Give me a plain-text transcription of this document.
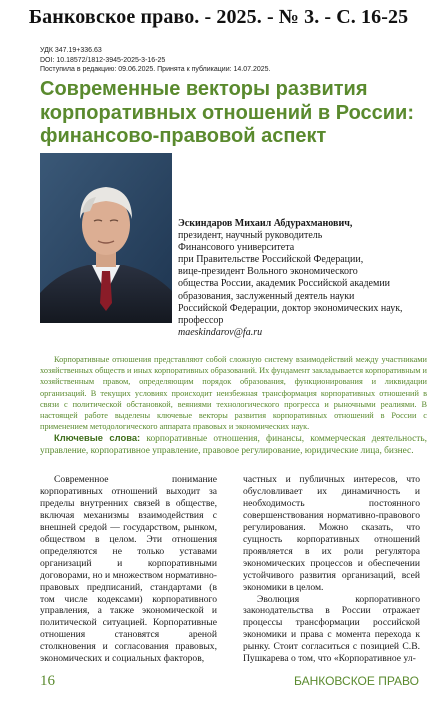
Банковское право. - 2025. - № 3. - С. 16-25
УДК 347.19+336.63
DOI: 10.18572/1812-3945-2025-3-16-25
Поступила в редакцию: 09.06.2025. Принята к публикации: 14.07.2025.
Современные векторы развития корпоративных отношений в России: финансово-правовой аспект
Эскиндаров Михаил Абдурахманович,
президент, научный руководитель
Финансового университета
при Правительстве Российской Федерации,
вице-президент Вольного экономического
общества России, академик Российской академии
образования, заслуженный деятель науки
Российской Федерации, доктор экономических наук,
профессор
maeskindarov@fa.ru

Корпоративные отношения представляют собой сложную систему взаимодействий между участниками хозяйственных обществ и иных корпоративных образований. Их фундамент закладывается корпоративным и хозяйственным правом, определяющим порядок образования, функционирования и ликвидации организаций. В текущих условиях происходит неизбежная трансформация корпоративных отношений в связи с политической обстановкой, веяниями технологического прогресса и рыночными реалиями. В настоящей работе выделены ключевые векторы развития корпоративных отношений в России с применением методологического аппарата правовых и экономических наук.

Ключевые слова: корпоративные отношения, финансы, коммерческая деятельность, управление, корпоративное управление, правовое регулирование, юридические лица, бизнес.

Современное понимание корпоративных отношений выходит за пределы внутренних связей в обществе, включая механизмы взаимодействия с внешней средой — государством, рынком, обществом в целом. Эти отношения определяются не только уставами организаций и корпоративными договорами, но и множеством нормативно-правовых предписаний, стандартами (в том числе кодексами) корпоративного управления, а также экономической и политической ситуацией. Корпоративные отношения становятся ареной столкновения и согласования правовых, экономических и социальных факторов,

частных и публичных интересов, что обусловливает их динамичность и необходимость постоянного совершенствования нормативно-правового регулирования. Можно сказать, что сущность корпоративных отношений проявляется в их роли регулятора экономических процессов и обеспечении устойчивого развития организаций, всей экономики в целом.

Эволюция корпоративного законодательства в России отражает процессы трансформации российской экономики и права с момента перехода к рынку. Стоит согласиться с позицией С.В. Пушкарева о том, что «Корпоративное ул-

16	БАНКОВСКОЕ ПРАВО
